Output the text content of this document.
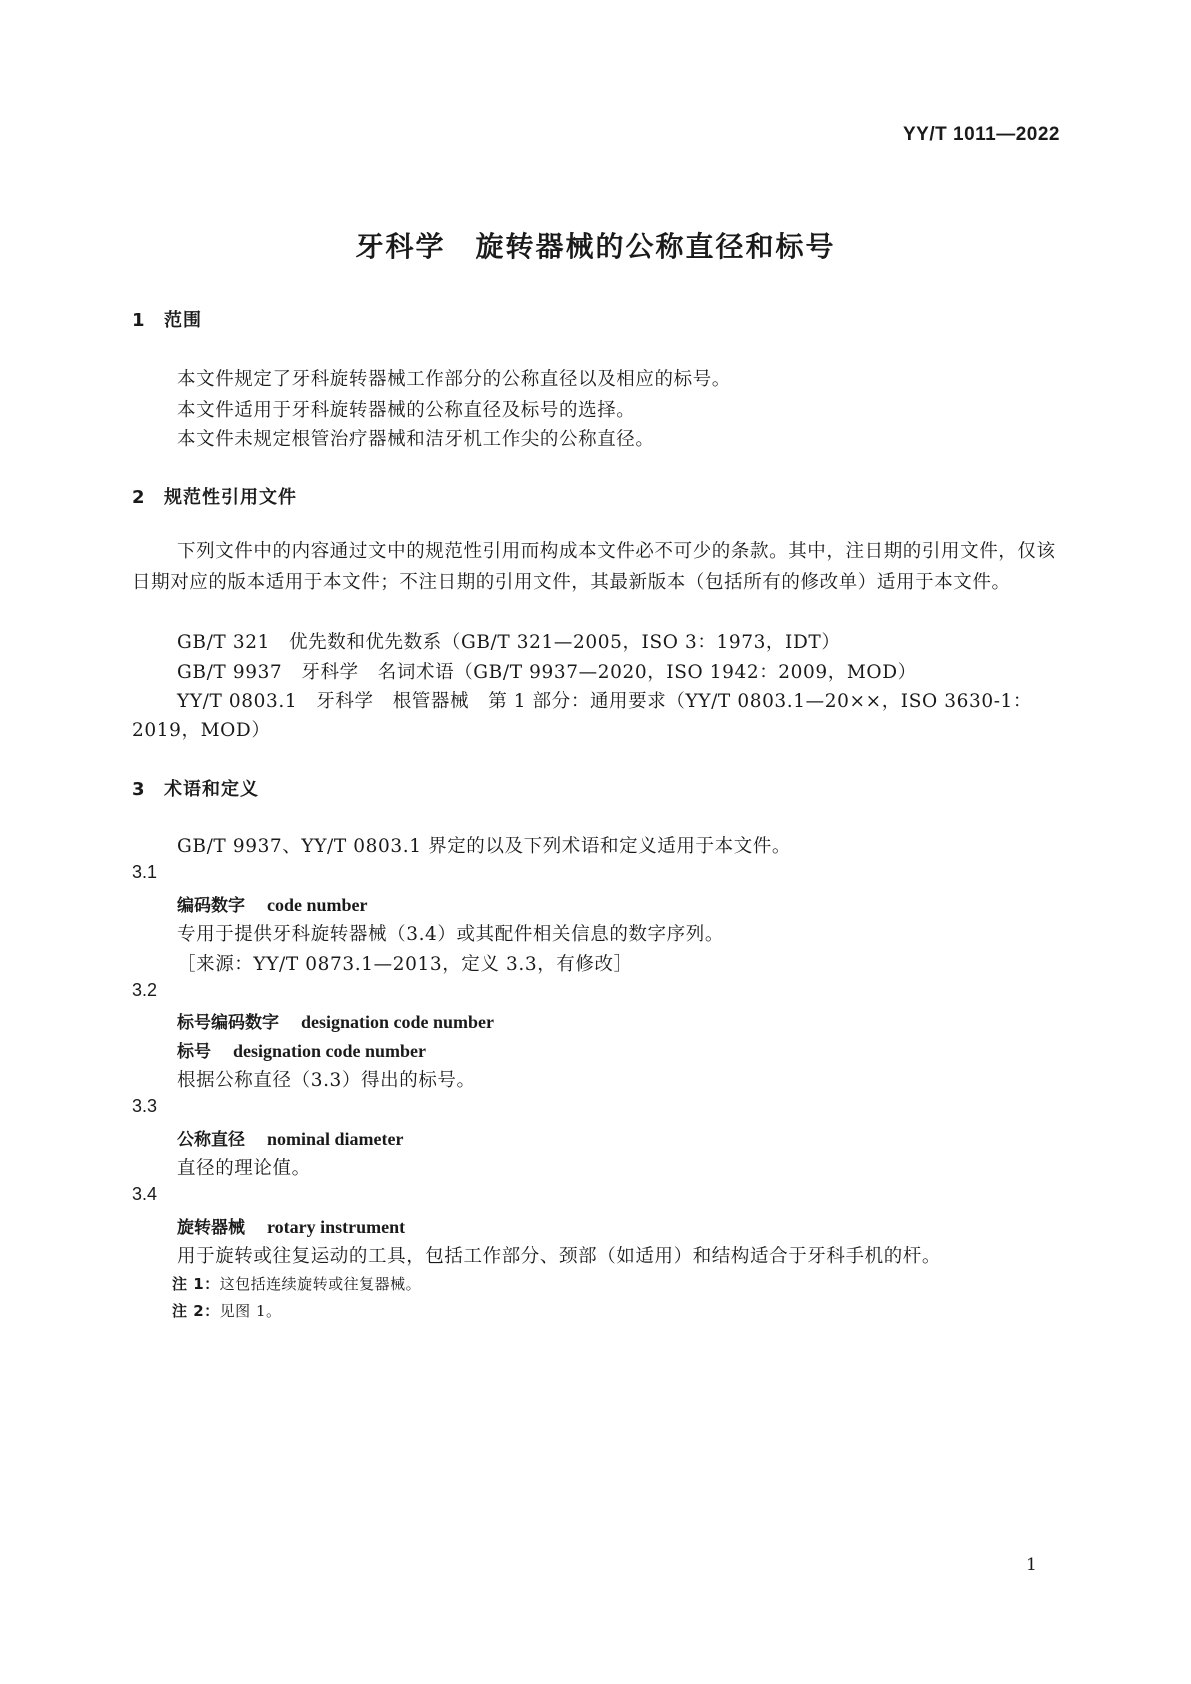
YY/T 1011—2022
牙科学　旋转器械的公称直径和标号
1 范围
本文件规定了牙科旋转器械工作部分的公称直径以及相应的标号。
本文件适用于牙科旋转器械的公称直径及标号的选择。
本文件未规定根管治疗器械和洁牙机工作尖的公称直径。
2 规范性引用文件

下列文件中的内容通过文中的规范性引用而构成本文件必不可少的条款。其中，注日期的引用文件，仅该日期对应的版本适用于本文件；不注日期的引用文件，其最新版本（包括所有的修改单）适用于本文件。

GB/T 321　优先数和优先数系（GB/T 321—2005，ISO 3：1973，IDT）
GB/T 9937　牙科学　名词术语（GB/T 9937—2020，ISO 1942：2009，MOD）
YY/T 0803.1　牙科学　根管器械　第 1 部分：通用要求（YY/T 0803.1—20××，ISO 3630-1：
2019，MOD）
3 术语和定义
GB/T 9937、YY/T 0803.1 界定的以及下列术语和定义适用于本文件。
3.1
编码数字 code number
专用于提供牙科旋转器械（3.4）或其配件相关信息的数字序列。
［来源：YY/T 0873.1—2013，定义 3.3，有修改］
3.2
标号编码数字 designation code number
标号 designation code number
根据公称直径（3.3）得出的标号。
3.3
公称直径 nominal diameter
直径的理论值。
3.4
旋转器械 rotary instrument
用于旋转或往复运动的工具，包括工作部分、颈部（如适用）和结构适合于牙科手机的杆。
注 1：这包括连续旋转或往复器械。
注 2：见图 1。
1
